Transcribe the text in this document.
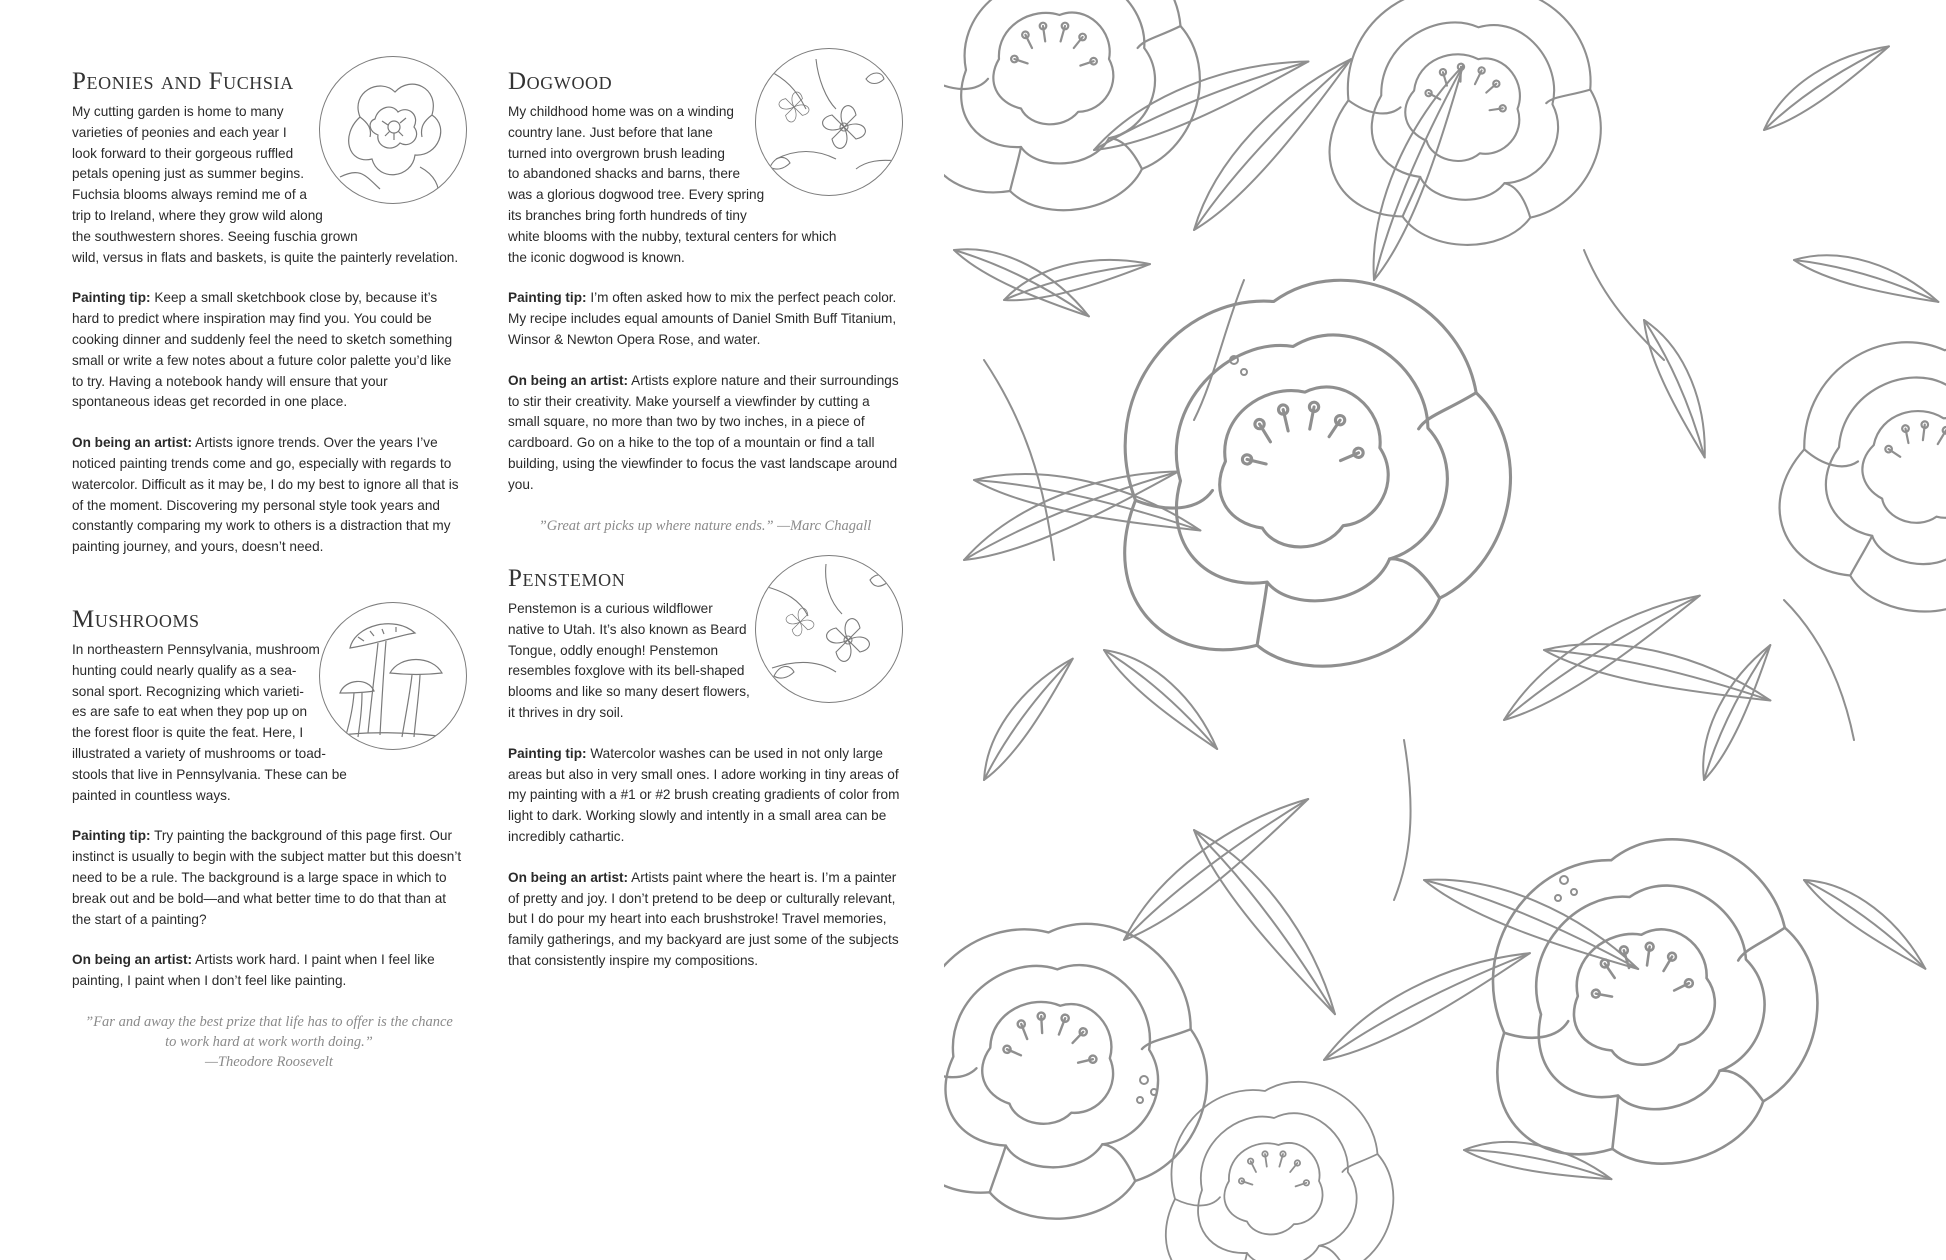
Peonies and Fuchsia
My cutting garden is home to many
varieties of peonies and each year I
look forward to their gorgeous ruffled
petals opening just as summer begins.
Fuchsia blooms always remind me of a
trip to Ireland, where they grow wild along
the southwestern shores. Seeing fuschia grown
wild, versus in flats and baskets, is quite the painterly revelation.

Painting tip: Keep a small sketchbook close by, because it’s hard to predict where inspiration may find you. You could be cooking dinner and suddenly feel the need to sketch something small or write a few notes about a future color palette you’d like to try. Having a notebook handy will ensure that your spontaneous ideas get recorded in one place.

On being an artist: Artists ignore trends. Over the years I’ve noticed painting trends come and go, especially with regards to watercolor. Difficult as it may be, I do my best to ignore all that is of the moment. Discovering my personal style took years and constantly comparing my work to others is a distraction that my painting journey, and yours, doesn’t need.

Mushrooms
In northeastern Pennsylvania, mushroom
hunting could nearly qualify as a sea-
sonal sport. Recognizing which varieti-
es are safe to eat when they pop up on
the forest floor is quite the feat. Here, I
illustrated a variety of mushrooms or toad-
stools that live in Pennsylvania. These can be
painted in countless ways.

Painting tip: Try painting the background of this page first. Our instinct is usually to begin with the subject matter but this doesn’t need to be a rule. The background is a large space in which to break out and be bold—and what better time to do that than at the start of a painting?

On being an artist: Artists work hard. I paint when I feel like painting, I paint when I don’t feel like painting.

”Far and away the best prize that life has to offer is the chance
to work hard at work worth doing.”
—Theodore Roosevelt
Dogwood
My childhood home was on a winding
country lane. Just before that lane
turned into overgrown brush leading
to abandoned shacks and barns, there
was a glorious dogwood tree. Every spring
its branches bring forth hundreds of tiny
white blooms with the nubby, textural centers for which
the iconic dogwood is known.

Painting tip: I’m often asked how to mix the perfect peach color. My recipe includes equal amounts of Daniel Smith Buff Titanium, Winsor & Newton Opera Rose, and water.

On being an artist: Artists explore nature and their surroundings to stir their creativity. Make yourself a viewfinder by cutting a small square, no more than two by two inches, in a piece of cardboard. Go on a hike to the top of a mountain or find a tall building, using the viewfinder to focus the vast landscape around you.

”Great art picks up where nature ends.” —Marc Chagall
Penstemon
Penstemon is a curious wildflower
native to Utah. It’s also known as Beard
Tongue, oddly enough! Penstemon
resembles foxglove with its bell-shaped
blooms and like so many desert flowers,
it thrives in dry soil.

Painting tip: Watercolor washes can be used in not only large areas but also in very small ones. I adore working in tiny areas of my painting with a #1 or #2 brush creating gradients of color from light to dark. Working slowly and intently in a small area can be incredibly cathartic.

On being an artist: Artists paint where the heart is. I’m a painter of pretty and joy. I don’t pretend to be deep or culturally relevant, but I do pour my heart into each brushstroke! Travel memories, family gatherings, and my backyard are just some of the subjects that consistently inspire my compositions.
